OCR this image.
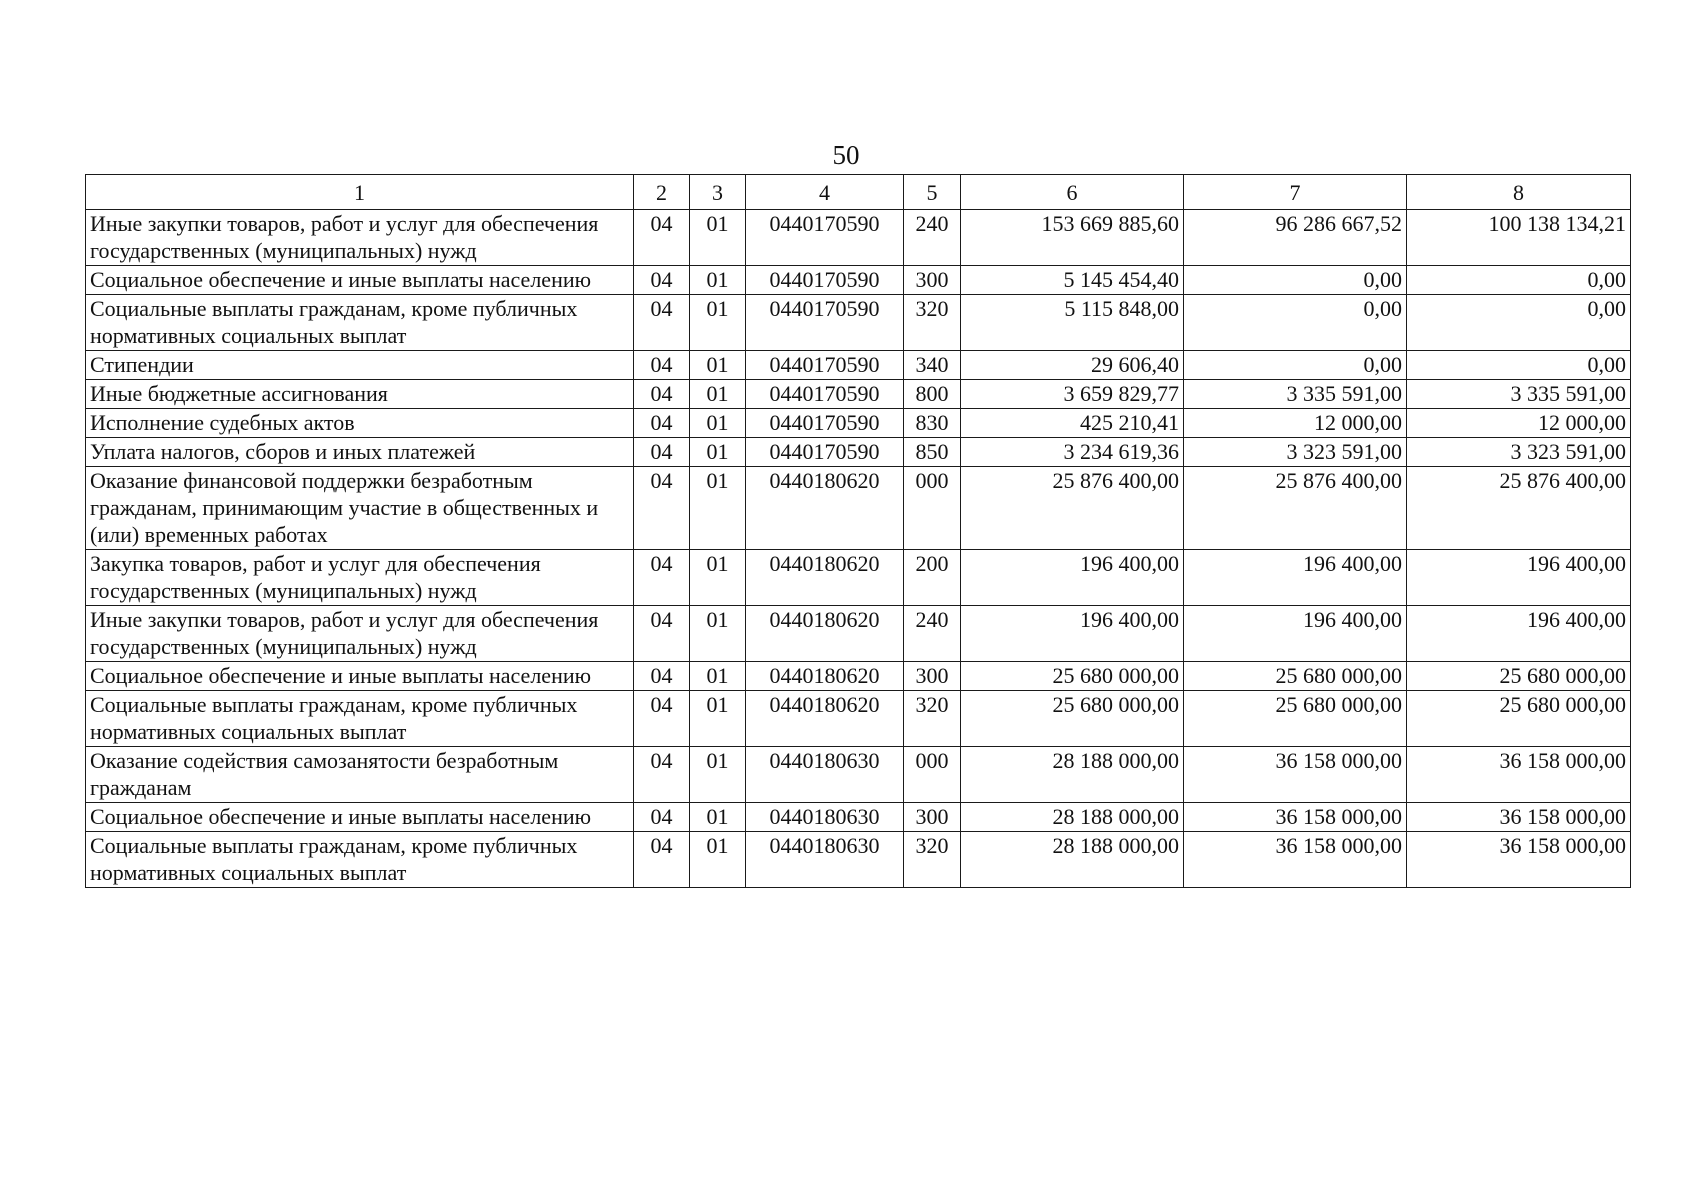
50
1	2	3	4	5	6	7	8
Иные закупки товаров, работ и услуг для обеспечения государственных (муниципальных) нужд	04	01	0440170590	240	153 669 885,60	96 286 667,52	100 138 134,21
Социальное обеспечение и иные выплаты населению	04	01	0440170590	300	5 145 454,40	0,00	0,00
Социальные выплаты гражданам, кроме публичных нормативных социальных выплат	04	01	0440170590	320	5 115 848,00	0,00	0,00
Стипендии	04	01	0440170590	340	29 606,40	0,00	0,00
Иные бюджетные ассигнования	04	01	0440170590	800	3 659 829,77	3 335 591,00	3 335 591,00
Исполнение судебных актов	04	01	0440170590	830	425 210,41	12 000,00	12 000,00
Уплата налогов, сборов и иных платежей	04	01	0440170590	850	3 234 619,36	3 323 591,00	3 323 591,00
Оказание финансовой поддержки безработным гражданам, принимающим участие в общественных и (или) временных работах	04	01	0440180620	000	25 876 400,00	25 876 400,00	25 876 400,00
Закупка товаров, работ и услуг для обеспечения государственных (муниципальных) нужд	04	01	0440180620	200	196 400,00	196 400,00	196 400,00
Иные закупки товаров, работ и услуг для обеспечения государственных (муниципальных) нужд	04	01	0440180620	240	196 400,00	196 400,00	196 400,00
Социальное обеспечение и иные выплаты населению	04	01	0440180620	300	25 680 000,00	25 680 000,00	25 680 000,00
Социальные выплаты гражданам, кроме публичных нормативных социальных выплат	04	01	0440180620	320	25 680 000,00	25 680 000,00	25 680 000,00
Оказание содействия самозанятости безработным гражданам	04	01	0440180630	000	28 188 000,00	36 158 000,00	36 158 000,00
Социальное обеспечение и иные выплаты населению	04	01	0440180630	300	28 188 000,00	36 158 000,00	36 158 000,00
Социальные выплаты гражданам, кроме публичных нормативных социальных выплат	04	01	0440180630	320	28 188 000,00	36 158 000,00	36 158 000,00
